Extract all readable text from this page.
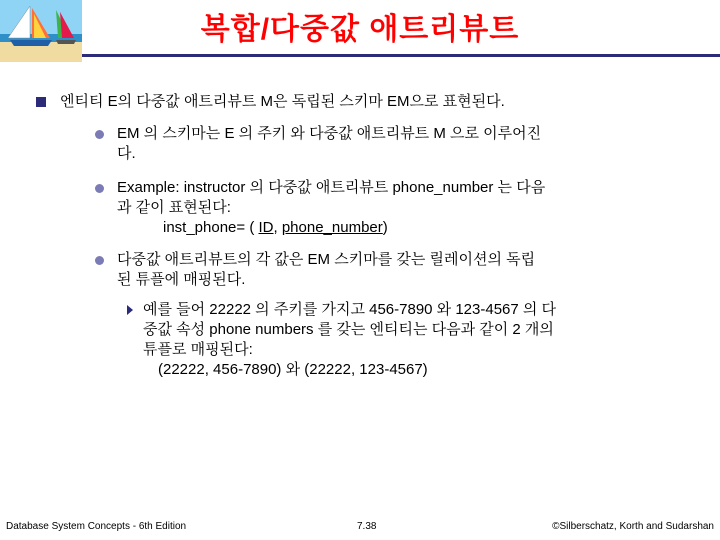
복합/다중값 애트리뷰트
엔티티 E의 다중값 애트리뷰트 M은 독립된 스키마 EM으로 표현된다.
EM 의 스키마는 E 의 주키 와 다중값 애트리뷰트 M 으로 이루어진
다.
Example: instructor 의 다중값 애트리뷰트 phone_number 는 다음
과 같이 표현된다:
inst_phone= ( ID, phone_number)
다중값 애트리뷰트의 각 값은 EM 스키마를 갖는 릴레이션의 독립
된 튜플에 매핑된다.
예를 들어 22222 의 주키를 가지고 456-7890 와 123-4567 의 다
중값 속성 phone numbers 를 갖는 엔티티는 다음과 같이 2 개의
튜플로 매핑된다:
(22222, 456-7890) 와 (22222, 123-4567)
Database System Concepts - 6th Edition	7.38	©Silberschatz, Korth and Sudarshan
